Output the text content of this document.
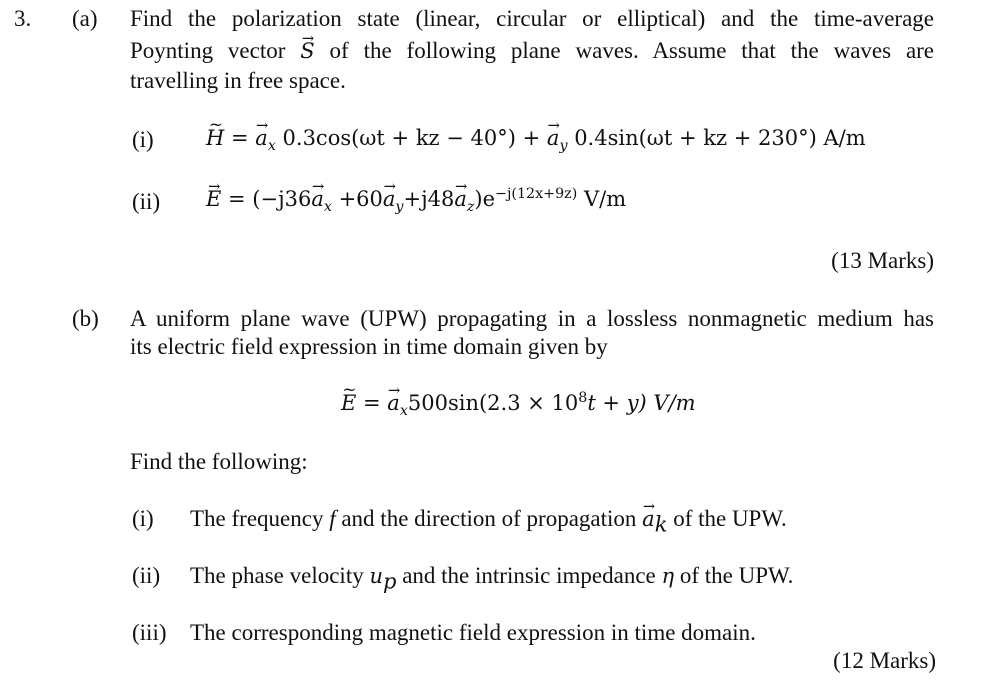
3. (a) Find the polarization state (linear, circular or elliptical) and the time-average
Poynting vector → S of the following plane waves. Assume that the waves are
travelling in free space.
(i)
~ H = → $a_x$ 0.3cos(ωt + kz − 40°) + → $a_y$ 0.4sin(ωt + kz + 230°) A/m
(ii)
→ $E = (-j36\to a_x +60\to a_y+j48\to a_z)e^{-j(12x+9z)}$ V/m
(13 Marks)
(b) A uniform plane wave (UPW) propagating in a lossless nonmagnetic medium has
its electric field expression in time domain given by
~ E = → $a_x500\sin(2.3 \times 10^8t + y)$ V/m
Find the following:
(i) The frequency f and the direction of propagation → $a_k$ of the UPW.
(ii) The phase velocity $u_p$ and the intrinsic impedance η of the UPW.
(iii) The corresponding magnetic field expression in time domain.
(12 Marks)
